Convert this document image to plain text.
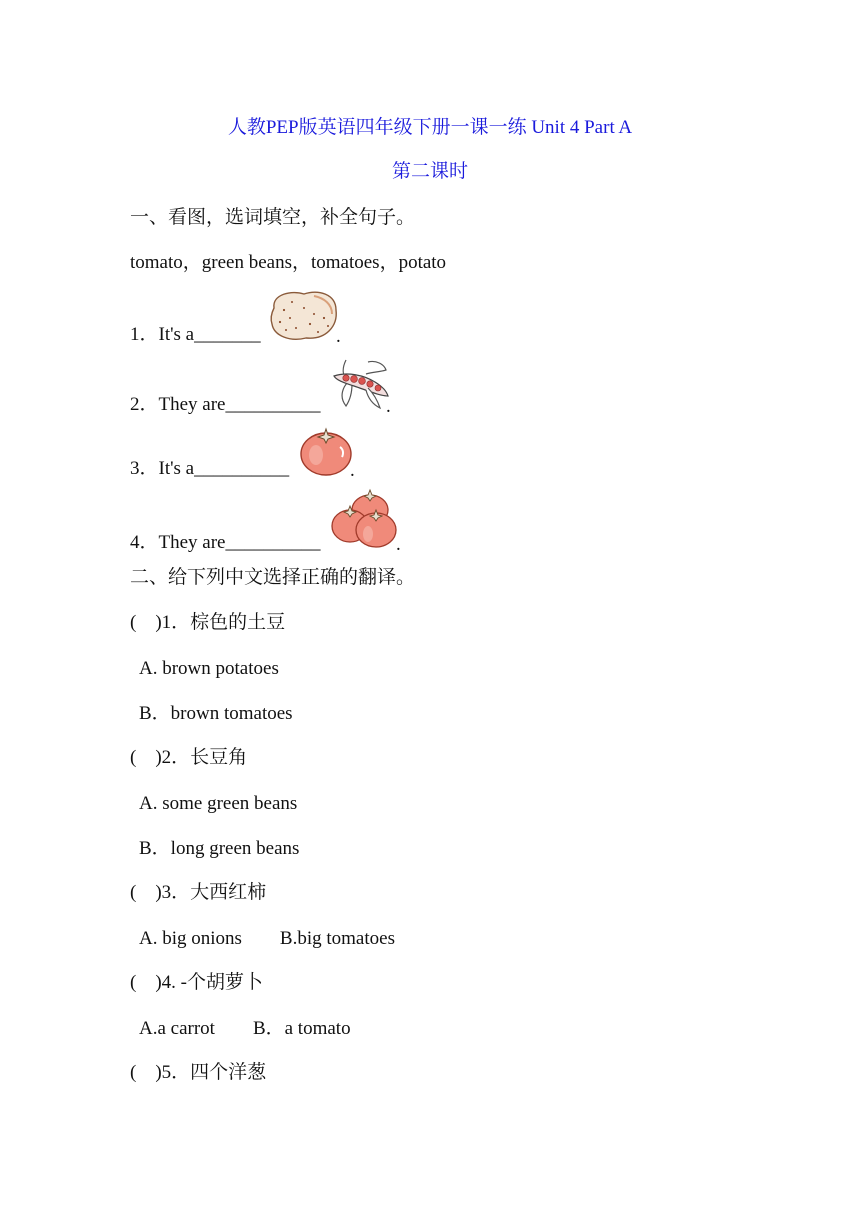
人教PEP版英语四年级下册一课一练 Unit 4 Part A
第二课时
一、看图，选词填空，补全句子。
tomato，green beans，tomatoes，potato
1．It's a_______	.
2．They are__________	.
3．It's a__________	.
4．They are__________	.
二、给下列中文选择正确的翻译。
(    )1．棕色的土豆
A. brown potatoes
B．brown tomatoes
(    )2．长豆角
A. some green beans
B．long green beans
(    )3．大西红柿
A. big onions        B.big tomatoes
(    )4. -个胡萝卜
A.a carrot        B．a tomato
(    )5．四个洋葱
